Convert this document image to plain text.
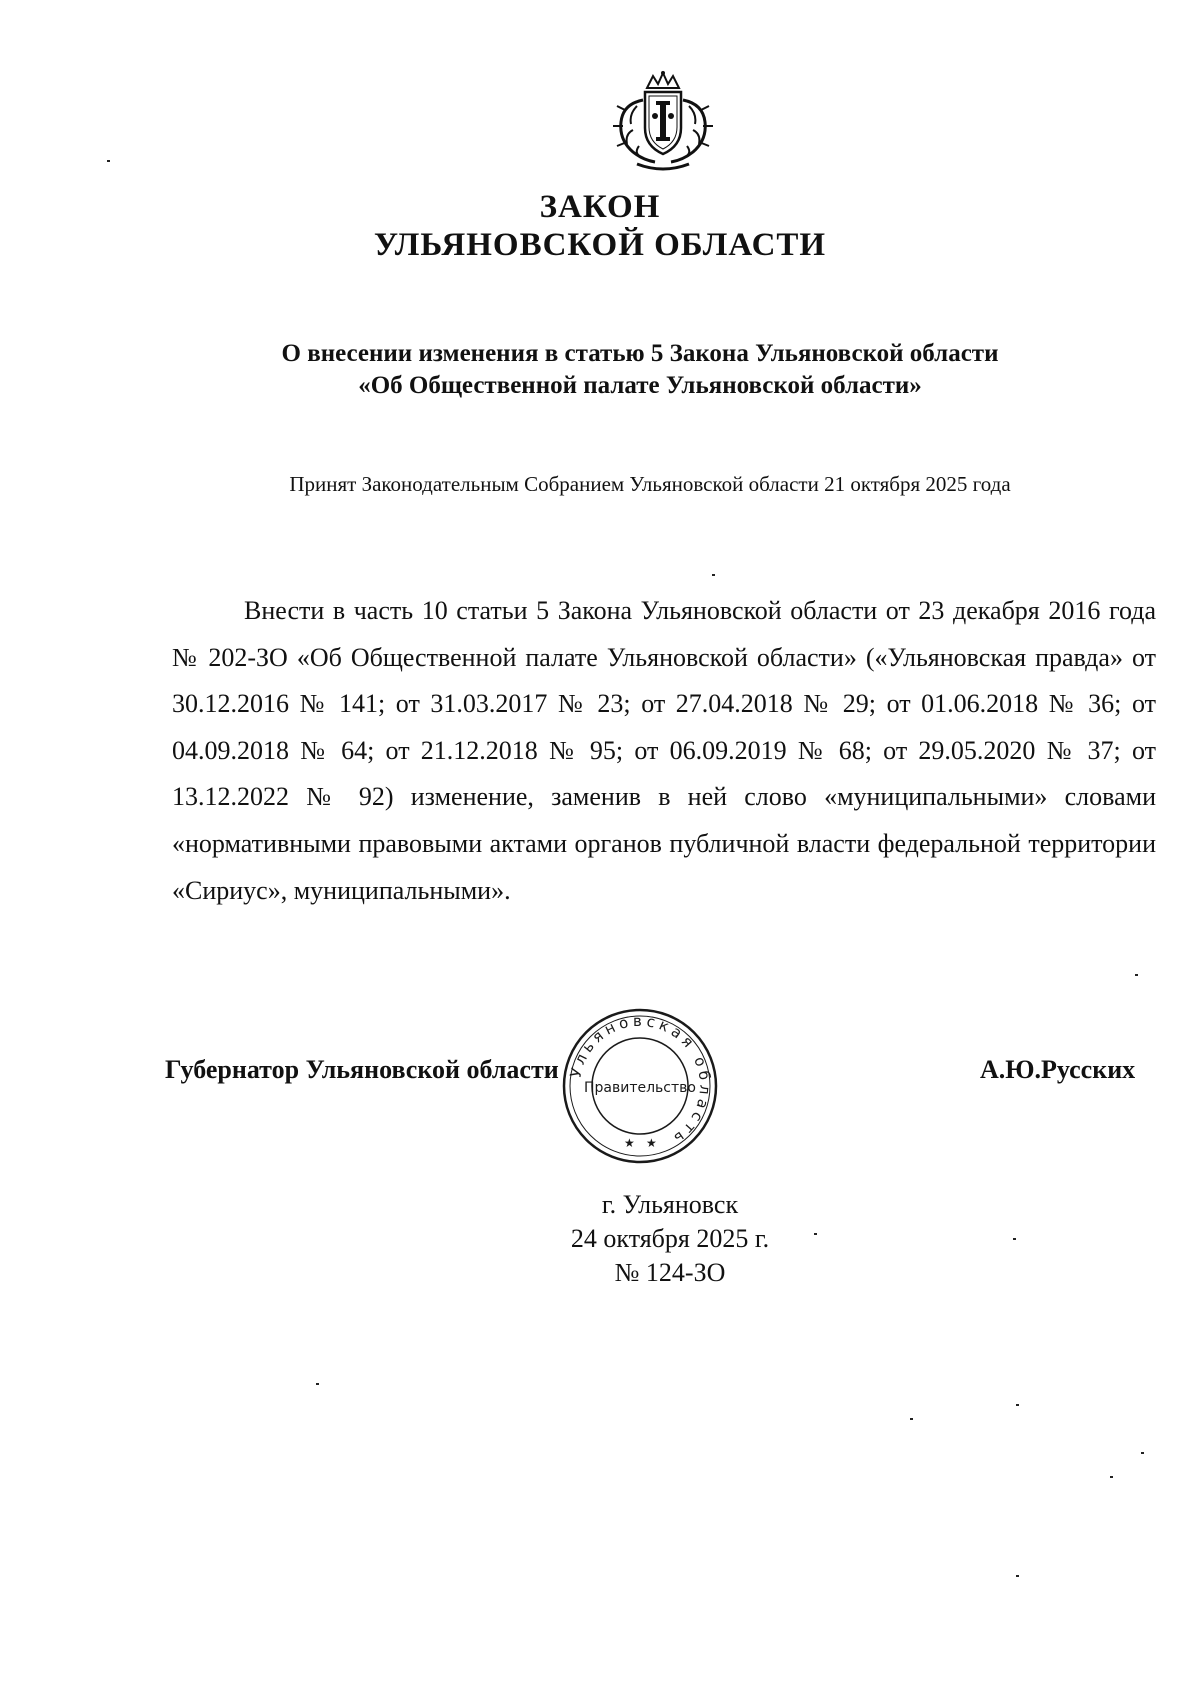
ЗАКОН
УЛЬЯНОВСКОЙ ОБЛАСТИ
О внесении изменения в статью 5 Закона Ульяновской области
«Об Общественной палате Ульяновской области»
Принят Законодательным Собранием Ульяновской области 21 октября 2025 года

Внести в часть 10 статьи 5 Закона Ульяновской области от 23 декабря 2016 года № 202-ЗО «Об Общественной палате Ульяновской области» («Ульяновская правда» от 30.12.2016 № 141; от 31.03.2017 № 23; от 27.04.2018 № 29; от 01.06.2018 № 36; от 04.09.2018 № 64; от 21.12.2018 № 95; от 06.09.2019 № 68; от 29.05.2020 № 37; от 13.12.2022 № 92) изменение, заменив в ней слово «муниципальными» словами «нормативными правовыми актами органов публичной власти федеральной территории «Сириус», муниципальными».

Губернатор Ульяновской области	А.Ю.Русских
Ульяновская область
Правительство
★ ★
г. Ульяновск
24 октября 2025 г.
№ 124-ЗО
